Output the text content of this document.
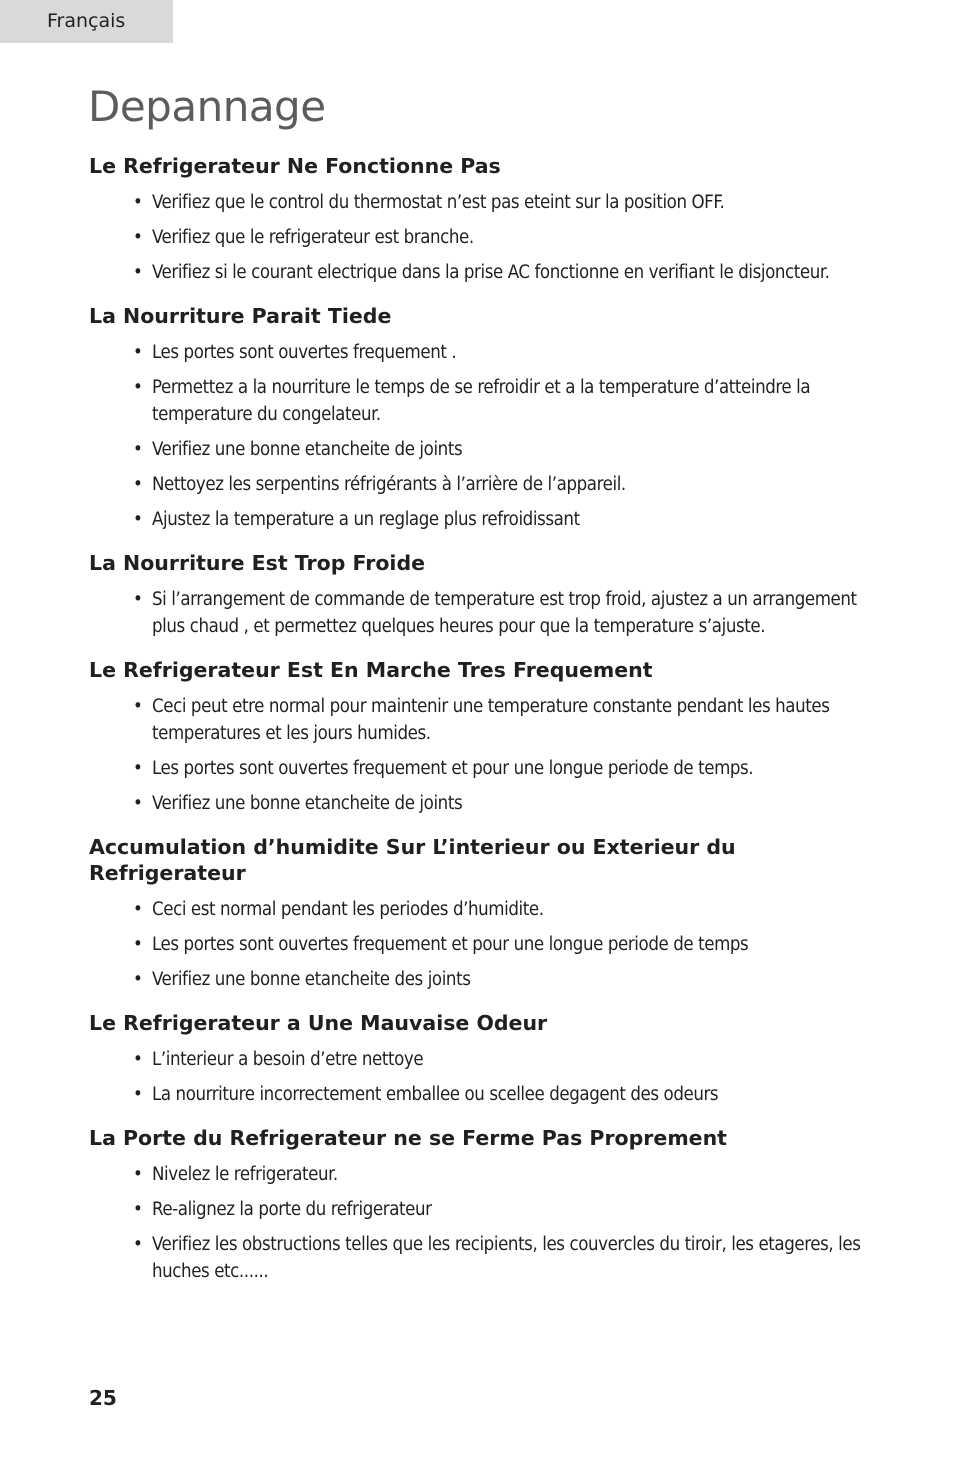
Français
Depannage
Le Refrigerateur Ne Fonctionne Pas
• Verifiez que le control du thermostat n’est pas eteint sur la position OFF.
• Verifiez que le refrigerateur est branche.
• Verifiez si le courant electrique dans la prise AC fonctionne en verifiant le disjoncteur.
La Nourriture Parait Tiede
• Les portes sont ouvertes frequement .
• Permettez a la nourriture le temps de se refroidir et a la temperature d’atteindre la temperature du congelateur.
• Verifiez une bonne etancheite de joints
• Nettoyez les serpentins réfrigérants à l’arrière de l’appareil.
• Ajustez la temperature a un reglage plus refroidissant
La Nourriture Est Trop Froide
• Si l’arrangement de commande de temperature est trop froid, ajustez a un arrangement plus chaud , et permettez quelques heures pour que la temperature s’ajuste.
Le Refrigerateur Est En Marche Tres Frequement
• Ceci peut etre normal pour maintenir une temperature constante pendant les hautes temperatures et les jours humides.
• Les portes sont ouvertes frequement et pour une longue periode de temps.
• Verifiez une bonne etancheite de joints
Accumulation d’humidite Sur L’interieur ou Exterieur du Refrigerateur
• Ceci est normal pendant les periodes d’humidite.
• Les portes sont ouvertes frequement et pour une longue periode de temps
• Verifiez une bonne etancheite des joints
Le Refrigerateur a Une Mauvaise Odeur
• L’interieur a besoin d’etre nettoye
• La nourriture incorrectement emballee ou scellee degagent des odeurs
La Porte du Refrigerateur ne se Ferme Pas Proprement
• Nivelez le refrigerateur.
• Re-alignez la porte du refrigerateur
• Verifiez les obstructions telles que les recipients, les couvercles du tiroir, les etageres, les huches etc......
25
